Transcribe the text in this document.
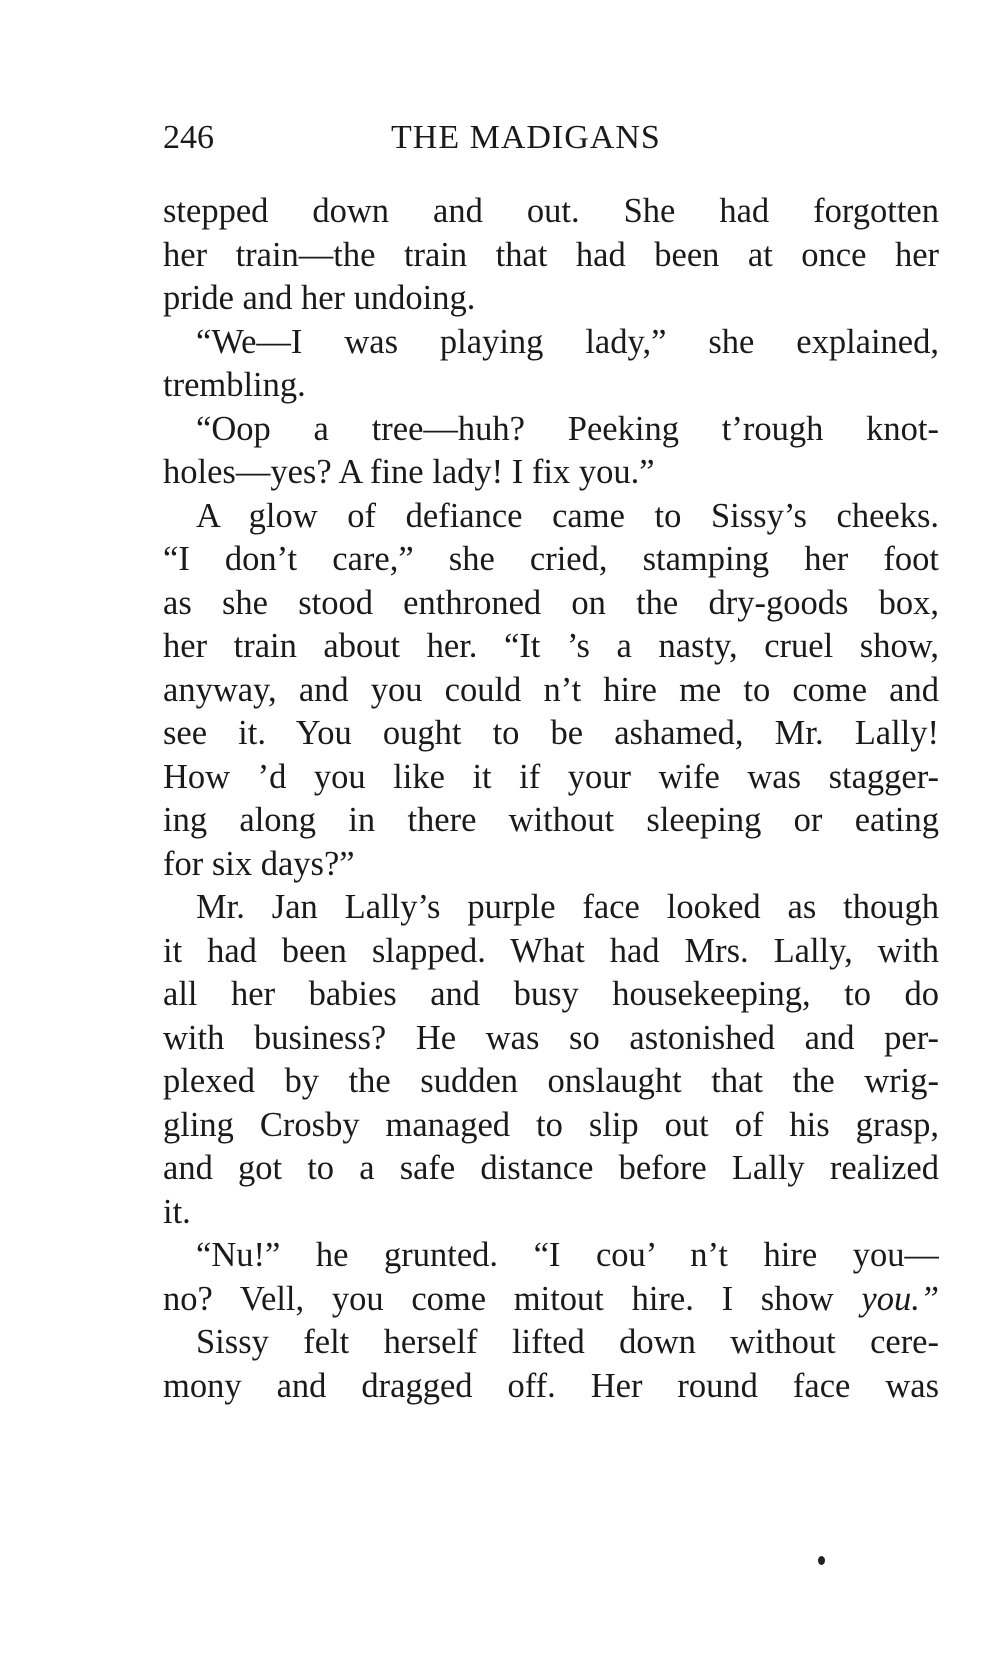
246	THE MADIGANS
stepped down and out. She had forgotten
her train—the train that had been at once her
pride and her undoing.
“We—I was playing lady,” she explained,
trembling.
“Oop a tree—huh? Peeking t’rough knot-
holes—yes? A fine lady! I fix you.”
A glow of defiance came to Sissy’s cheeks.
“I don’t care,” she cried, stamping her foot
as she stood enthroned on the dry-goods box,
her train about her. “It ’s a nasty, cruel show,
anyway, and you could n’t hire me to come and
see it. You ought to be ashamed, Mr. Lally!
How ’d you like it if your wife was stagger-
ing along in there without sleeping or eating
for six days?”
Mr. Jan Lally’s purple face looked as though
it had been slapped. What had Mrs. Lally, with
all her babies and busy housekeeping, to do
with business? He was so astonished and per-
plexed by the sudden onslaught that the wrig-
gling Crosby managed to slip out of his grasp,
and got to a safe distance before Lally realized
it.
“Nu!” he grunted. “I cou’ n’t hire you—
no? Vell, you come mitout hire. I show you.”
Sissy felt herself lifted down without cere-
mony and dragged off. Her round face was
